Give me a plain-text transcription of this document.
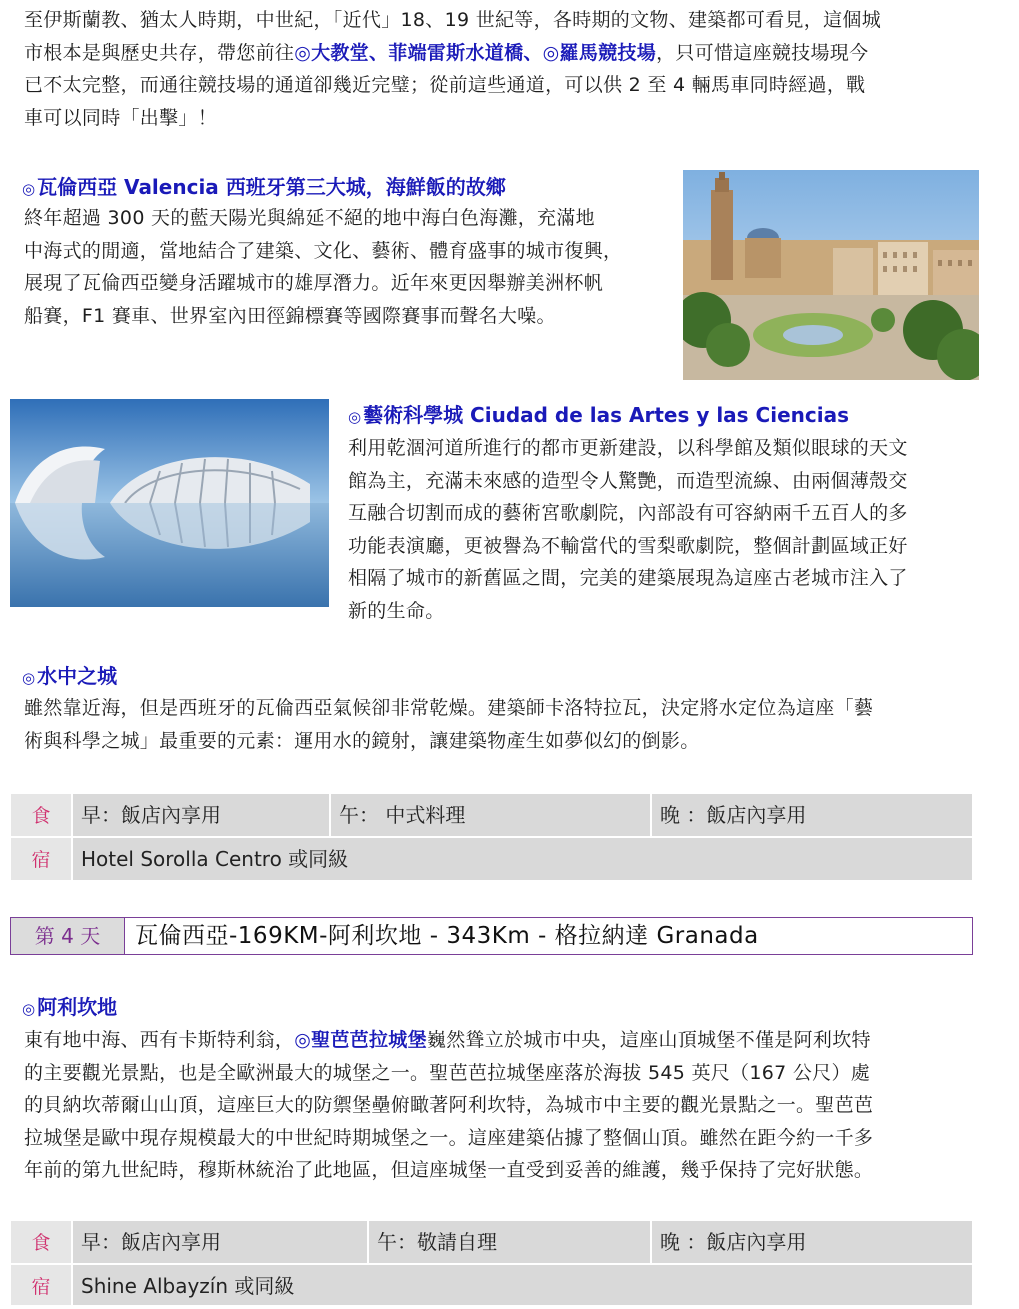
至伊斯蘭教、猶太人時期，中世紀，「近代」18、19 世紀等，各時期的文物、建築都可看見，這個城
市根本是與歷史共存，帶您前往◎大教堂、菲端雷斯水道橋、◎羅馬競技場，只可惜這座競技場現今
已不太完整，而通往競技場的通道卻幾近完璧；從前這些通道，可以供 2 至 4 輛馬車同時經過，戰
車可以同時「出擊」！
◎ 瓦倫西亞 Valencia 西班牙第三大城，海鮮飯的故鄉
終年超過 300 天的藍天陽光與綿延不絕的地中海白色海灘，充滿地
中海式的閒適，當地結合了建築、文化、藝術、體育盛事的城市復興，
展現了瓦倫西亞變身活躍城市的雄厚潛力。近年來更因舉辦美洲杯帆
船賽，F1 賽車、世界室內田徑錦標賽等國際賽事而聲名大噪。
◎ 藝術科學城 Ciudad de las Artes y las Ciencias
利用乾涸河道所進行的都市更新建設，以科學館及類似眼球的天文
館為主，充滿未來感的造型令人驚艷，而造型流線、由兩個薄殼交
互融合切割而成的藝術宮歌劇院，內部設有可容納兩千五百人的多
功能表演廳，更被譽為不輸當代的雪梨歌劇院，整個計劃區域正好
相隔了城市的新舊區之間，完美的建築展現為這座古老城市注入了
新的生命。
◎ 水中之城
雖然靠近海，但是西班牙的瓦倫西亞氣候卻非常乾燥。建築師卡洛特拉瓦，決定將水定位為這座「藝
術與科學之城」最重要的元素：運用水的鏡射，讓建築物產生如夢似幻的倒影。
食	早：飯店內享用	午： 中式料理	晚 ：飯店內享用
宿	Hotel Sorolla Centro 或同級
第 4 天	瓦倫西亞-169KM-阿利坎地 - 343Km - 格拉納達 Granada
◎ 阿利坎地
東有地中海、西有卡斯特利翁，◎聖芭芭拉城堡巍然聳立於城市中央，這座山頂城堡不僅是阿利坎特
的主要觀光景點，也是全歐洲最大的城堡之一。聖芭芭拉城堡座落於海拔 545 英尺（167 公尺）處
的貝納坎蒂爾山山頂，這座巨大的防禦堡壘俯瞰著阿利坎特，為城市中主要的觀光景點之一。聖芭芭
拉城堡是歐中現存規模最大的中世紀時期城堡之一。這座建築佔據了整個山頂。雖然在距今約一千多
年前的第九世紀時，穆斯林統治了此地區，但這座城堡一直受到妥善的維護，幾乎保持了完好狀態。
食	早：飯店內享用	午：敬請自理	晚 ：飯店內享用
宿	Shine Albayzín 或同級
